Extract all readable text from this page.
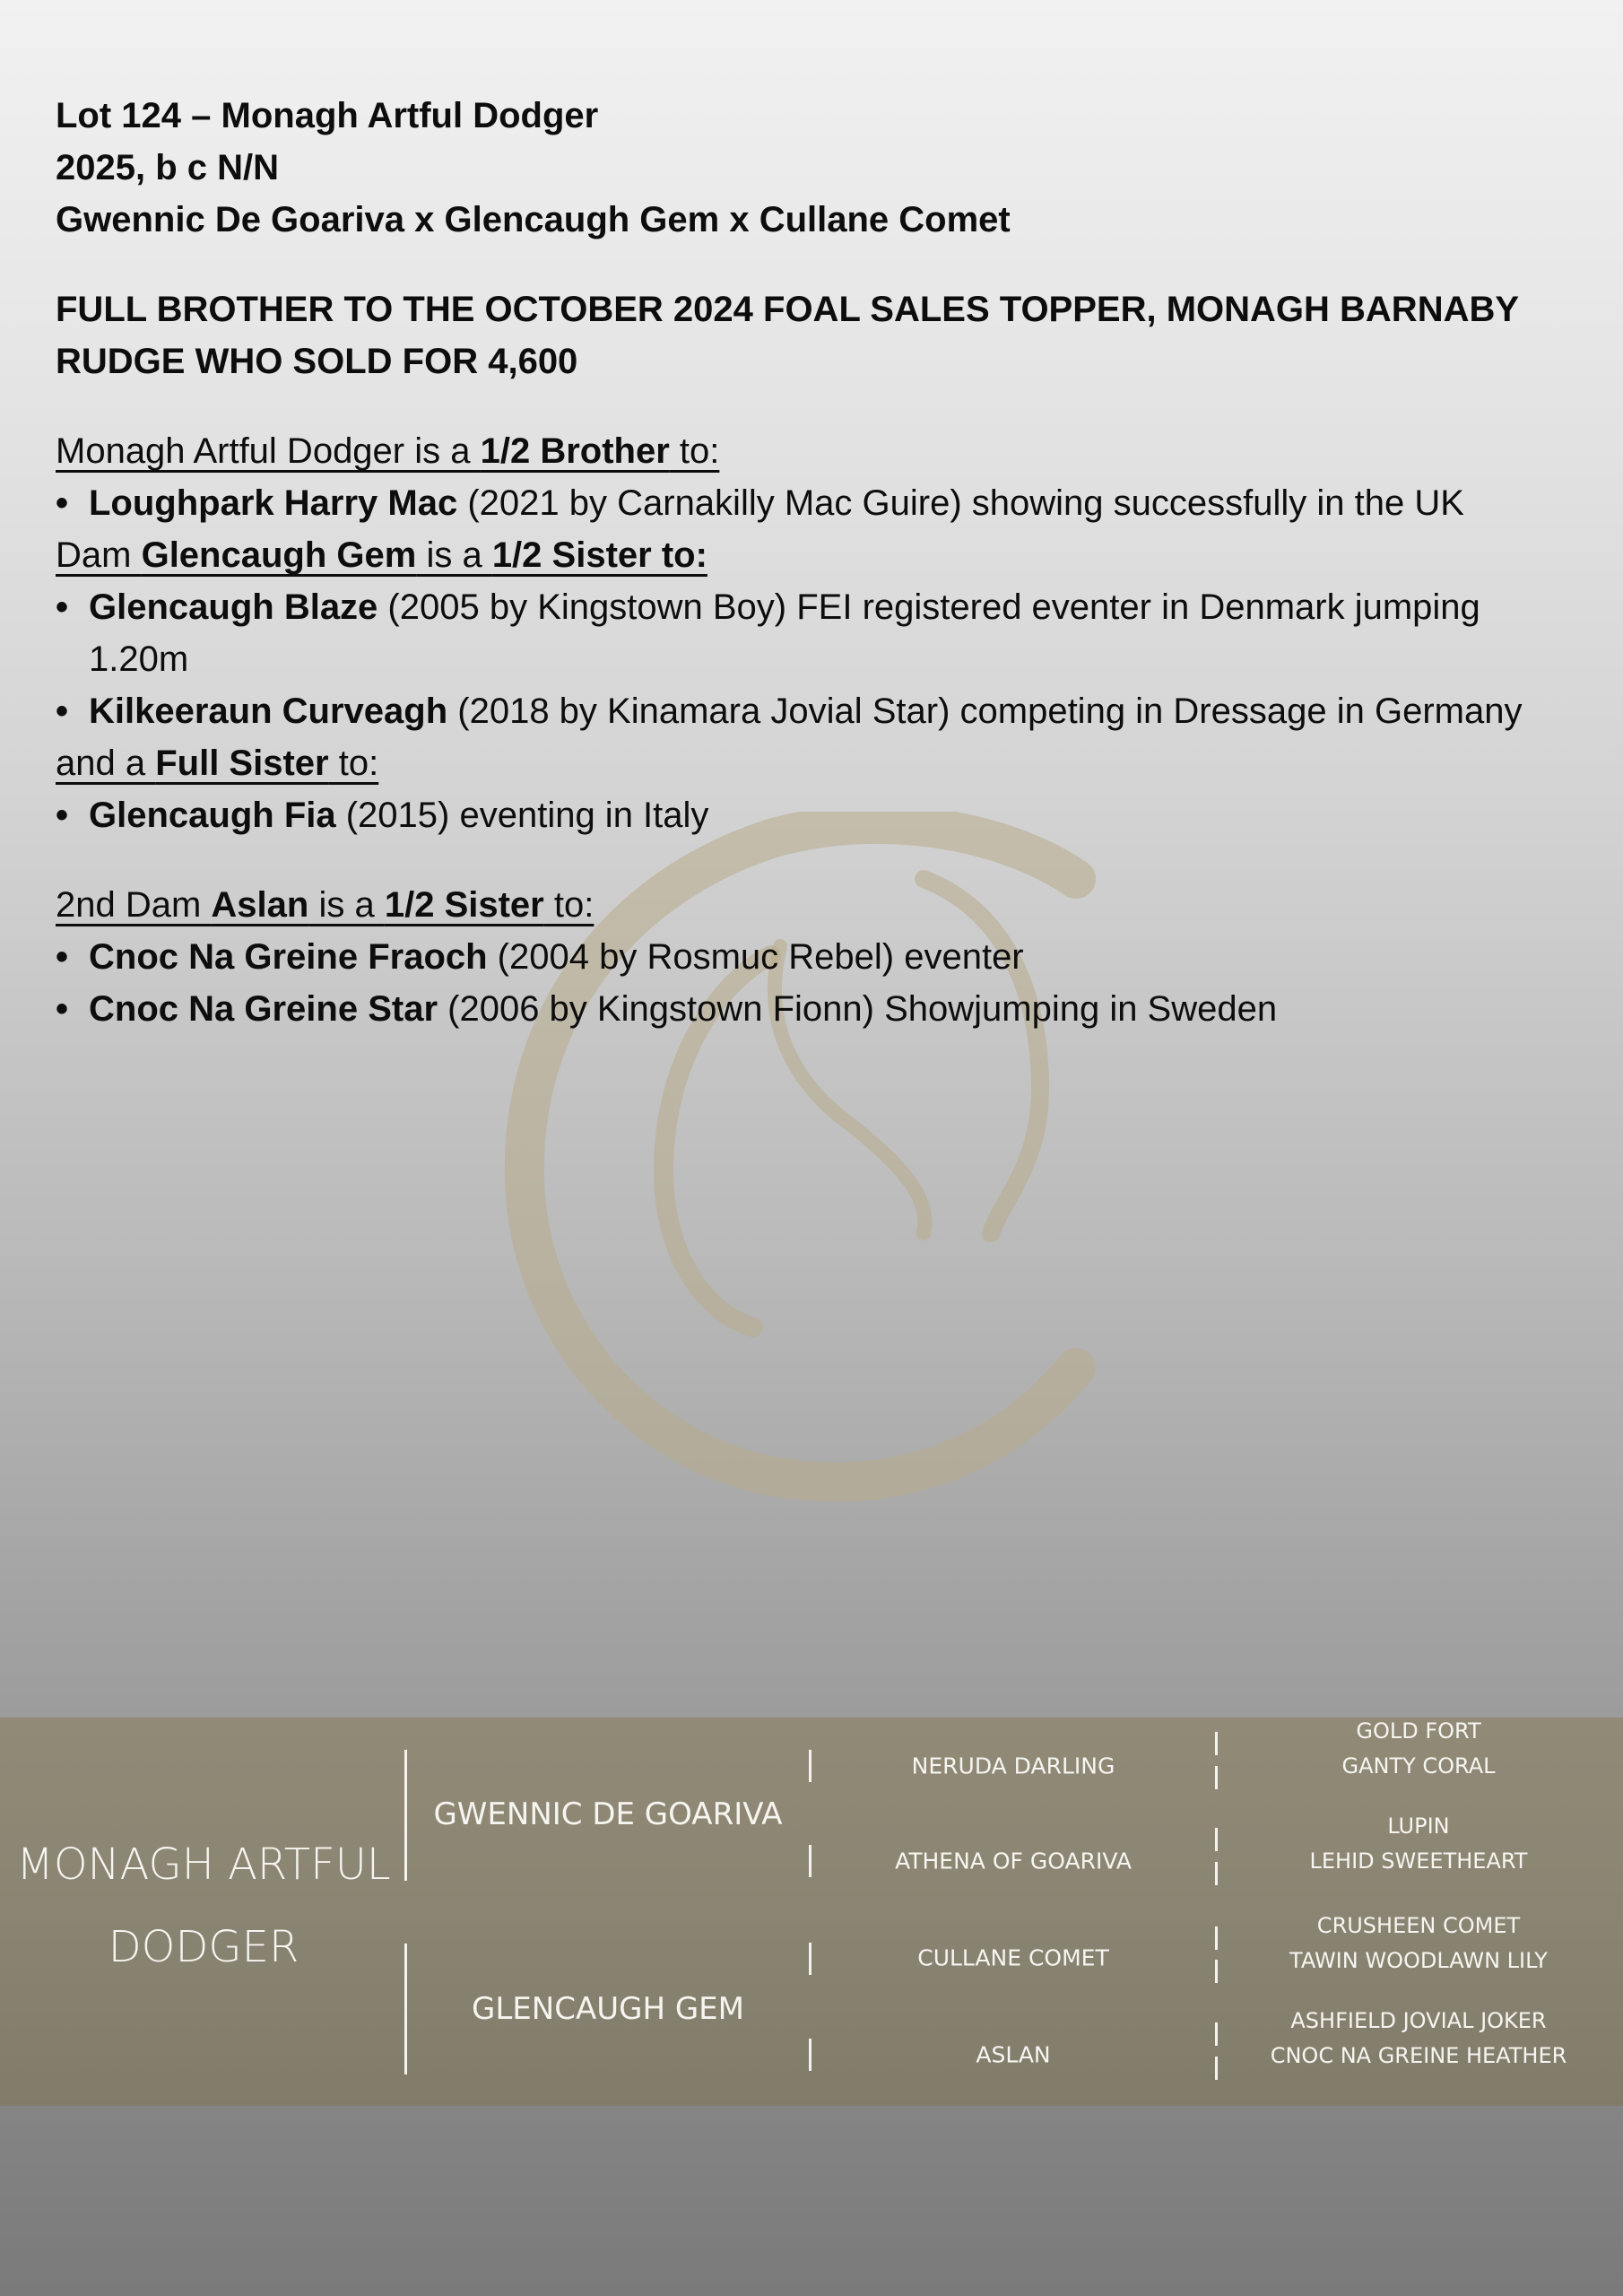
Lot 124 – Monagh Artful Dodger

2025, b c N/N

Gwennic De Goariva x Glencaugh Gem x Cullane Comet

FULL BROTHER TO THE OCTOBER 2024 FOAL SALES TOPPER, MONAGH BARNABY RUDGE WHO SOLD FOR 4,600

Monagh Artful Dodger is a 1/2 Brother to:

• Loughpark Harry Mac (2021 by Carnakilly Mac Guire) showing successfully in the UK

Dam Glencaugh Gem is a 1/2 Sister to:

• Glencaugh Blaze (2005 by Kingstown Boy) FEI registered eventer in Denmark jumping 1.20m
• Kilkeeraun Curveagh (2018 by Kinamara Jovial Star) competing in Dressage in Germany

and a Full Sister to:

• Glencaugh Fia (2015) eventing in Italy

2nd Dam Aslan is a 1/2 Sister to:

• Cnoc Na Greine Fraoch (2004 by Rosmuc Rebel) eventer
• Cnoc Na Greine Star (2006 by Kingstown Fionn) Showjumping in Sweden
MONAGH ARTFUL
DODGER
GWENNIC DE GOARIVA
GLENCAUGH GEM
NERUDA DARLING
ATHENA OF GOARIVA
CULLANE COMET
ASLAN
GOLD FORT
GANTY CORAL
LUPIN
LEHID SWEETHEART
CRUSHEEN COMET
TAWIN WOODLAWN LILY
ASHFIELD JOVIAL JOKER
CNOC NA GREINE HEATHER
